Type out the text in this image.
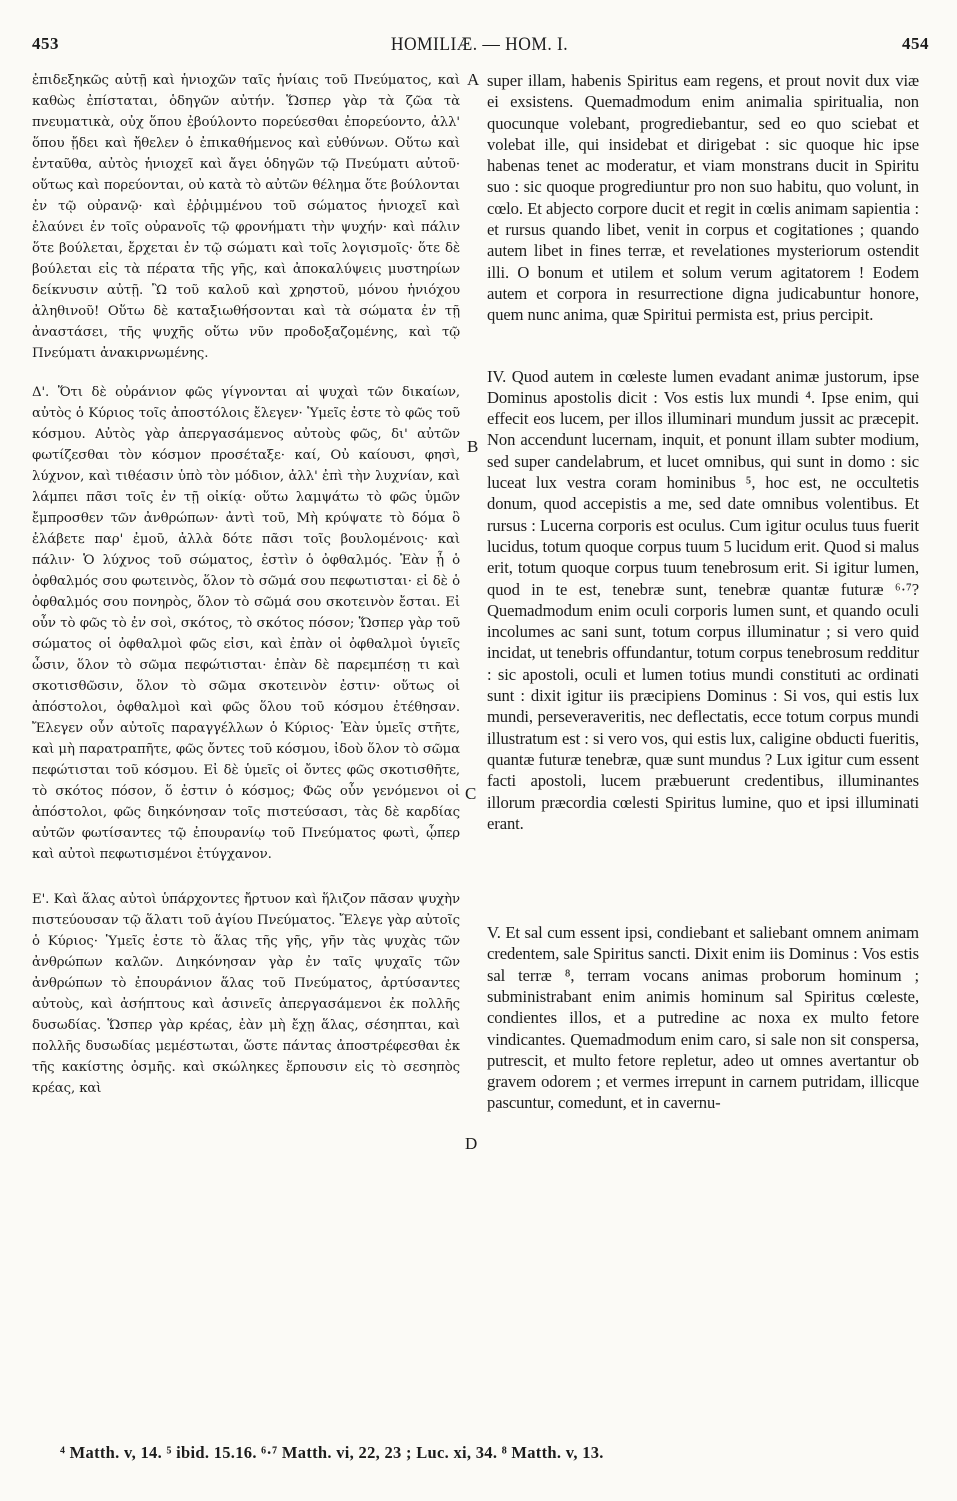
453	HOMILIÆ. — HOM. I.	454

ἐπιδεξηκῶς αὐτῇ καὶ ἡνιοχῶν ταῖς ἡνίαις τοῦ Πνεύματος, καὶ καθὼς ἐπίσταται, ὁδηγῶν αὐτήν. Ὥσπερ γὰρ τὰ ζῶα τὰ πνευματικὰ, οὐχ ὅπου ἐβούλοντο πορεύεσθαι ἐπορεύοντο, ἀλλ' ὅπου ᾔδει καὶ ἤθελεν ὁ ἐπικαθήμενος καὶ εὐθύνων. Οὕτω καὶ ἐνταῦθα, αὐτὸς ἡνιοχεῖ καὶ ἄγει ὁδηγῶν τῷ Πνεύματι αὐτοῦ· οὕτως καὶ πορεύονται, οὐ κατὰ τὸ αὐτῶν θέλημα ὅτε βούλονται ἐν τῷ οὐρανῷ· καὶ ἐῤῥιμμένου τοῦ σώματος ἡνιοχεῖ καὶ ἐλαύνει ἐν τοῖς οὐρανοῖς τῷ φρονήματι τὴν ψυχήν· καὶ πάλιν ὅτε βούλεται, ἔρχεται ἐν τῷ σώματι καὶ τοῖς λογισμοῖς· ὅτε δὲ βούλεται εἰς τὰ πέρατα τῆς γῆς, καὶ ἀποκαλύψεις μυστηρίων δείκνυσιν αὐτῇ. Ὢ τοῦ καλοῦ καὶ χρηστοῦ, μόνου ἡνιόχου ἀληθινοῦ! Οὕτω δὲ καταξιωθήσονται καὶ τὰ σώματα ἐν τῇ ἀναστάσει, τῆς ψυχῆς οὕτω νῦν προδοξαζομένης, καὶ τῷ Πνεύματι ἀνακιρνωμένης.

Δ'. Ὅτι δὲ οὐράνιον φῶς γίγνονται αἱ ψυχαὶ τῶν δικαίων, αὐτὸς ὁ Κύριος τοῖς ἀποστόλοις ἔλεγεν· Ὑμεῖς ἐστε τὸ φῶς τοῦ κόσμου. Αὐτὸς γὰρ ἀπεργασάμενος αὐτοὺς φῶς, δι' αὐτῶν φωτίζεσθαι τὸν κόσμον προσέταξε· καί, Οὐ καίουσι, φησὶ, λύχνον, καὶ τιθέασιν ὑπὸ τὸν μόδιον, ἀλλ' ἐπὶ τὴν λυχνίαν, καὶ λάμπει πᾶσι τοῖς ἐν τῇ οἰκίᾳ· οὕτω λαμψάτω τὸ φῶς ὑμῶν ἔμπροσθεν τῶν ἀνθρώπων· ἀντὶ τοῦ, Μὴ κρύψατε τὸ δόμα ὃ ἐλάβετε παρ' ἐμοῦ, ἀλλὰ δότε πᾶσι τοῖς βουλομένοις· καὶ πάλιν· Ὁ λύχνος τοῦ σώματος, ἐστὶν ὁ ὀφθαλμός. Ἐὰν ᾖ ὁ ὀφθαλμός σου φωτεινὸς, ὅλον τὸ σῶμά σου πεφωτισται· εἰ δὲ ὁ ὀφθαλμός σου πονηρὸς, ὅλον τὸ σῶμά σου σκοτεινὸν ἔσται. Εἰ οὖν τὸ φῶς τὸ ἐν σοὶ, σκότος, τὸ σκότος πόσον; Ὥσπερ γὰρ τοῦ σώματος οἱ ὀφθαλμοὶ φῶς εἰσι, καὶ ἐπὰν οἱ ὀφθαλμοὶ ὑγιεῖς ὦσιν, ὅλον τὸ σῶμα πεφώτισται· ἐπὰν δὲ παρεμπέσῃ τι καὶ σκοτισθῶσιν, ὅλον τὸ σῶμα σκοτεινὸν ἐστιν· οὕτως οἱ ἀπόστολοι, ὀφθαλμοὶ καὶ φῶς ὅλου τοῦ κόσμου ἐτέθησαν. Ἔλεγεν οὖν αὐτοῖς παραγγέλλων ὁ Κύριος· Ἐὰν ὑμεῖς στῆτε, καὶ μὴ παρατραπῆτε, φῶς ὄντες τοῦ κόσμου, ἰδοὺ ὅλον τὸ σῶμα πεφώτισται τοῦ κόσμου. Εἰ δὲ ὑμεῖς οἱ ὄντες φῶς σκοτισθῆτε, τὸ σκότος πόσον, ὅ ἐστιν ὁ κόσμος; Φῶς οὖν γενόμενοι οἱ ἀπόστολοι, φῶς διηκόνησαν τοῖς πιστεύσασι, τὰς δὲ καρδίας αὐτῶν φωτίσαντες τῷ ἐπουρανίῳ τοῦ Πνεύματος φωτὶ, ᾧπερ καὶ αὐτοὶ πεφωτισμένοι ἐτύγχανον.

Ε'. Καὶ ἅλας αὐτοὶ ὑπάρχοντες ἤρτυον καὶ ἥλιζον πᾶσαν ψυχὴν πιστεύουσαν τῷ ἅλατι τοῦ ἁγίου Πνεύματος. Ἔλεγε γὰρ αὐτοῖς ὁ Κύριος· Ὑμεῖς ἐστε τὸ ἅλας τῆς γῆς, γῆν τὰς ψυχὰς τῶν ἀνθρώπων καλῶν. Διηκόνησαν γὰρ ἐν ταῖς ψυχαῖς τῶν ἀνθρώπων τὸ ἐπουράνιον ἅλας τοῦ Πνεύματος, ἀρτύσαντες αὐτοὺς, καὶ ἀσήπτους καὶ ἀσινεῖς ἀπεργασάμενοι ἐκ πολλῆς δυσωδίας. Ὥσπερ γὰρ κρέας, ἐὰν μὴ ἔχῃ ἅλας, σέσηπται, καὶ πολλῆς δυσωδίας μεμέστωται, ὥστε πάντας ἀποστρέφεσθαι ἐκ τῆς κακίστης ὀσμῆς. καὶ σκώληκες ἕρπουσιν εἰς τὸ σεσηπὸς κρέας, καὶ

super illam, habenis Spiritus eam regens, et prout novit dux viæ ei exsistens. Quemadmodum enim animalia spiritualia, non quocunque volebant, progrediebantur, sed eo quo sciebat et volebat ille, qui insidebat et dirigebat : sic quoque hic ipse habenas tenet ac moderatur, et viam monstrans ducit in Spiritu suo : sic quoque progrediuntur pro non suo habitu, quo volunt, in cœlo. Et abjecto corpore ducit et regit in cœlis animam sapientia : et rursus quando libet, venit in corpus et cogitationes ; quando autem libet in fines terræ, et revelationes mysteriorum ostendit illi. O bonum et utilem et solum verum agitatorem ! Eodem autem et corpora in resurrectione digna judicabuntur honore, quem nunc anima, quæ Spiritui permista est, prius percipit.

IV. Quod autem in cœleste lumen evadant animæ justorum, ipse Dominus apostolis dicit : Vos estis lux mundi ⁴. Ipse enim, qui effecit eos lucem, per illos illuminari mundum jussit ac præcepit. Non accendunt lucernam, inquit, et ponunt illam subter modium, sed super candelabrum, et lucet omnibus, qui sunt in domo : sic luceat lux vestra coram hominibus ⁵, hoc est, ne occultetis donum, quod accepistis a me, sed date omnibus volentibus. Et rursus : Lucerna corporis est oculus. Cum igitur oculus tuus fuerit lucidus, totum quoque corpus tuum 5 lucidum erit. Quod si malus erit, totum quoque corpus tuum tenebrosum erit. Si igitur lumen, quod in te est, tenebræ sunt, tenebræ quantæ futuræ ⁶·⁷? Quemadmodum enim oculi corporis lumen sunt, et quando oculi incolumes ac sani sunt, totum corpus illuminatur ; si vero quid incidat, ut tenebris offundantur, totum corpus tenebrosum redditur : sic apostoli, oculi et lumen totius mundi constituti ac ordinati sunt : dixit igitur iis præcipiens Dominus : Si vos, qui estis lux mundi, perseveraveritis, nec deflectatis, ecce totum corpus mundi illustratum est : si vero vos, qui estis lux, caligine obducti fueritis, quantæ futuræ tenebræ, quæ sunt mundus ? Lux igitur cum essent facti apostoli, lucem præbuerunt credentibus, illuminantes illorum præcordia cœlesti Spiritus lumine, quo et ipsi illuminati erant.

V. Et sal cum essent ipsi, condiebant et saliebant omnem animam credentem, sale Spiritus sancti. Dixit enim iis Dominus : Vos estis sal terræ ⁸, terram vocans animas proborum hominum ; subministrabant enim animis hominum sal Spiritus cœleste, condientes illos, et a putredine ac noxa ex multo fetore vindicantes. Quemadmodum enim caro, si sale non sit conspersa, putrescit, et multo fetore repletur, adeo ut omnes avertantur ob gravem odorem ; et vermes irrepunt in carnem putridam, illicque pascuntur, comedunt, et in cavernu-

A
B
C
D
⁴ Matth. v, 14. ⁵ ibid. 15.16. ⁶·⁷ Matth. vi, 22, 23 ; Luc. xi, 34. ⁸ Matth. v, 13.
